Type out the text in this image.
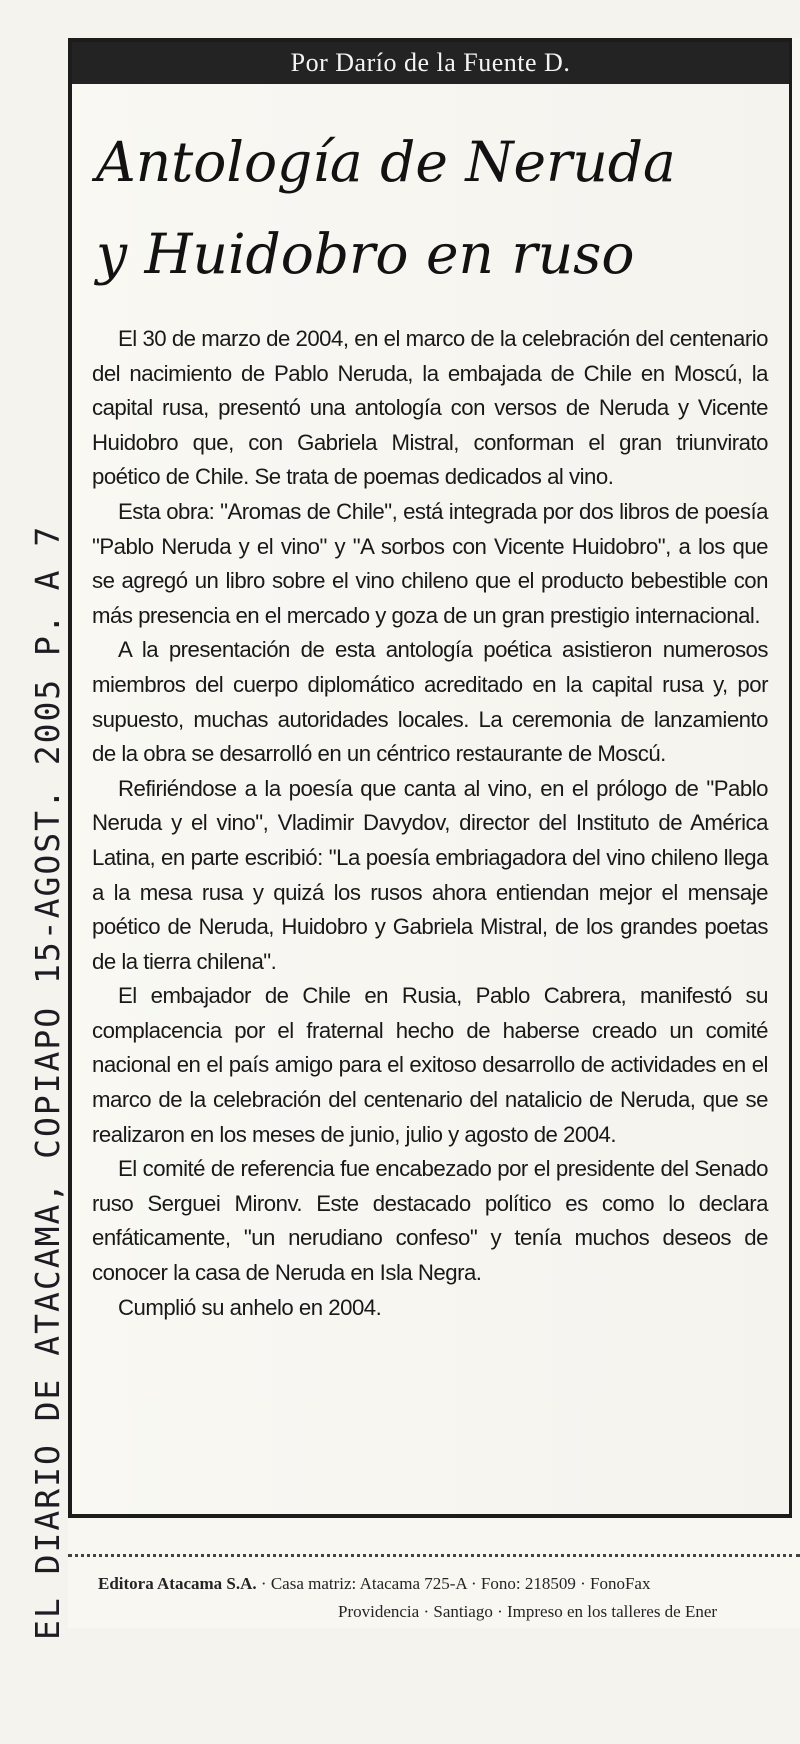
EL DIARIO DE ATACAMA, COPIAPO 15-AGOST. 2005 P. A 7
Por Darío de la Fuente D.
Antología de Neruda
y Huidobro en ruso

El 30 de marzo de 2004, en el marco de la celebración del centenario del nacimiento de Pablo Neruda, la embajada de Chile en Moscú, la capital rusa, presentó una antología con versos de Neruda y Vicente Huidobro que, con Gabriela Mistral, conforman el gran triunvirato poético de Chile. Se trata de poemas dedicados al vino.

Esta obra: "Aromas de Chile", está integrada por dos libros de poesía "Pablo Neruda y el vino" y "A sorbos con Vicente Huidobro", a los que se agregó un libro sobre el vino chileno que el producto bebestible con más presencia en el mercado y goza de un gran prestigio internacional.

A la presentación de esta antología poética asistieron numerosos miembros del cuerpo diplomático acreditado en la capital rusa y, por supuesto, muchas autoridades locales. La ceremonia de lanzamiento de la obra se desarrolló en un céntrico restaurante de Moscú.

Refiriéndose a la poesía que canta al vino, en el prólogo de "Pablo Neruda y el vino", Vladimir Davydov, director del Instituto de América Latina, en parte escribió: "La poesía embriagadora del vino chileno llega a la mesa rusa y quizá los rusos ahora entiendan mejor el mensaje poético de Neruda, Huidobro y Gabriela Mistral, de los grandes poetas de la tierra chilena".

El embajador de Chile en Rusia, Pablo Cabrera, manifestó su complacencia por el fraternal hecho de haberse creado un comité nacional en el país amigo para el exitoso desarrollo de actividades en el marco de la celebración del centenario del natalicio de Neruda, que se realizaron en los meses de junio, julio y agosto de 2004.

El comité de referencia fue encabezado por el presidente del Senado ruso Serguei Mironv. Este destacado político es como lo declara enfáticamente, "un nerudiano confeso" y tenía muchos deseos de conocer la casa de Neruda en Isla Negra.

Cumplió su anhelo en 2004.

Editora Atacama S.A. · Casa matriz: Atacama 725-A · Fono: 218509 · FonoFax
Providencia · Santiago · Impreso en los talleres de Ener
